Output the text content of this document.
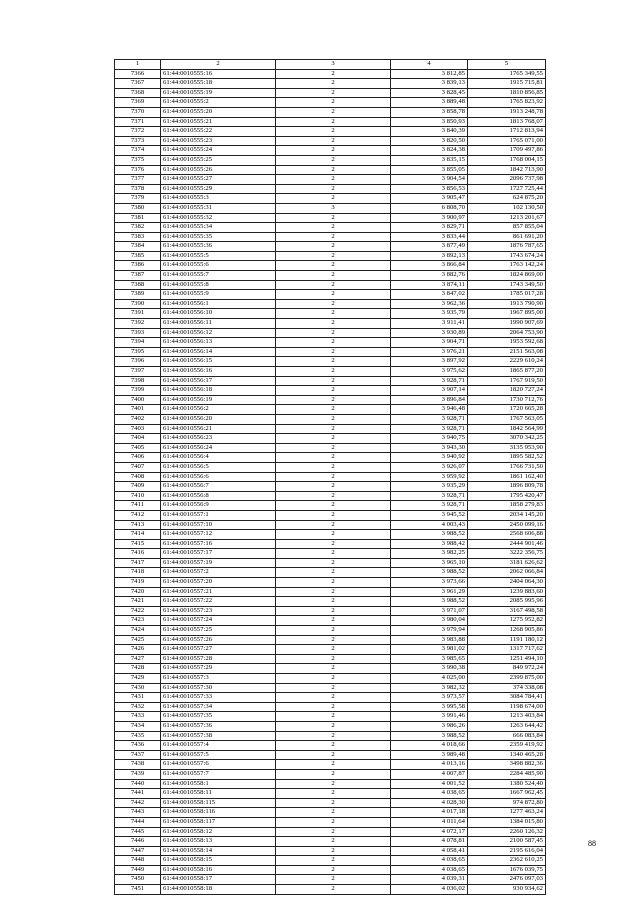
1	2	3	4	5
7366	61:44:0010555:16	2	3 812,85	1765 349,55
7367	61:44:0010555:18	2	3 839,13	1915 715,81
7368	61:44:0010555:19	2	3 828,45	1810 856,85
7369	61:44:0010555:2	2	3 889,48	1765 823,92
7370	61:44:0010555:20	2	3 858,78	1913 248,78
7371	61:44:0010555:21	2	3 850,93	1813 768,07
7372	61:44:0010555:22	2	3 840,39	1712 813,94
7373	61:44:0010555:23	2	3 820,50	1765 071,00
7374	61:44:0010555:24	2	3 824,38	1709 497,86
7375	61:44:0010555:25	2	3 835,15	1768 004,15
7376	61:44:0010555:26	2	3 855,05	1842 713,90
7377	61:44:0010555:27	2	3 904,54	2096 737,98
7378	61:44:0010555:29	2	3 856,53	1727 725,44
7379	61:44:0010555:3	2	3 905,47	624 875,20
7380	61:44:0010555:31	3	6 808,70	102 130,50
7381	61:44:0010555:32	2	3 900,97	1213 201,67
7382	61:44:0010555:34	2	3 829,71	857 855,04
7383	61:44:0010555:35	2	3 833,44	861 691,20
7384	61:44:0010555:36	2	3 877,49	1876 787,65
7385	61:44:0010555:5	2	3 892,13	1743 674,24
7386	61:44:0010555:6	2	3 866,84	1763 142,24
7387	61:44:0010555:7	2	3 882,76	1824 869,00
7388	61:44:0010555:8	2	3 874,11	1743 349,50
7389	61:44:0010555:9	2	3 847,02	1785 017,28
7390	61:44:0010556:1	2	3 962,36	1913 790,90
7391	61:44:0010556:10	2	3 935,79	1967 895,00
7392	61:44:0010556:11	2	3 911,41	1990 907,69
7393	61:44:0010556:12	2	3 930,89	2064 753,90
7394	61:44:0010556:13	2	3 904,71	1953 592,68
7395	61:44:0010556:14	2	3 976,21	2151 563,08
7396	61:44:0010556:15	2	3 897,92	2229 610,24
7397	61:44:0010556:16	2	3 975,62	1865 877,20
7398	61:44:0010556:17	2	3 928,71	1767 919,50
7399	61:44:0010556:18	2	3 907,14	1820 727,24
7400	61:44:0010556:19	2	3 896,84	1730 712,76
7401	61:44:0010556:2	2	3 946,48	1720 665,28
7402	61:44:0010556:20	2	3 928,71	1767 563,05
7403	61:44:0010556:21	2	3 928,71	1842 564,99
7404	61:44:0010556:23	2	3 940,75	3070 342,25
7405	61:44:0010556:24	2	3 943,30	3135 953,90
7406	61:44:0010556:4	2	3 940,92	1895 582,52
7407	61:44:0010556:5	2	3 926,07	1766 731,50
7408	61:44:0010556:6	2	3 959,92	1861 162,40
7409	61:44:0010556:7	2	3 935,29	1896 809,78
7410	61:44:0010556:8	2	3 928,71	1795 420,47
7411	61:44:0010556:9	2	3 928,71	1858 279,83
7412	61:44:0010557:1	2	3 945,52	2034 145,20
7413	61:44:0010557:10	2	4 003,43	2450 099,16
7414	61:44:0010557:12	2	3 988,52	2568 606,88
7415	61:44:0010557:16	2	3 988,42	2444 901,46
7416	61:44:0010557:17	2	3 982,25	3222 356,75
7417	61:44:0010557:19	2	3 965,10	3181 626,62
7418	61:44:0010557:2	2	3 988,52	2062 066,84
7419	61:44:0010557:20	2	3 973,66	2404 064,30
7420	61:44:0010557:21	2	3 961,29	1239 883,60
7421	61:44:0010557:22	2	3 988,52	2085 995,96
7422	61:44:0010557:23	2	3 971,07	3167 498,58
7423	61:44:0010557:24	2	3 980,04	1275 952,82
7424	61:44:0010557:25	2	3 979,94	1268 905,86
7425	61:44:0010557:26	2	3 983,88	1191 180,12
7426	61:44:0010557:27	2	3 981,02	1317 717,62
7427	61:44:0010557:28	2	3 985,65	1251 494,10
7428	61:44:0010557:29	2	3 990,38	849 972,24
7429	61:44:0010557:3	2	4 025,00	2399 875,00
7430	61:44:0010557:30	2	3 982,32	374 338,08
7431	61:44:0010557:33	2	3 973,57	3084 784,41
7432	61:44:0010557:34	2	3 995,58	1198 674,00
7433	61:44:0010557:35	2	3 991,46	1213 403,84
7434	61:44:0010557:36	2	3 986,26	1263 644,42
7435	61:44:0010557:38	2	3 988,52	666 083,84
7436	61:44:0010557:4	2	4 018,66	2359 419,92
7437	61:44:0010557:5	2	3 989,48	1340 465,28
7438	61:44:0010557:6	2	4 013,16	3498 882,36
7439	61:44:0010557:7	2	4 007,87	2284 485,90
7440	61:44:0010558:1	2	4 001,52	1380 524,40
7441	61:44:0010558:11	2	4 038,65	1667 962,45
7442	61:44:0010558:115	2	4 028,30	974 872,80
7443	61:44:0010558:116	2	4 017,18	1277 463,24
7444	61:44:0010558:117	2	4 011,64	1384 015,80
7445	61:44:0010558:12	2	4 072,17	2260 126,32
7446	61:44:0010558:13	2	4 078,81	2100 587,45
7447	61:44:0010558:14	2	4 058,41	2195 616,04
7448	61:44:0010558:15	2	4 038,65	2362 610,25
7449	61:44:0010558:16	2	4 038,65	1676 039,75
7450	61:44:0010558:17	2	4 039,31	2476 097,03
7451	61:44:0010558:18	2	4 036,02	930 934,62
88
